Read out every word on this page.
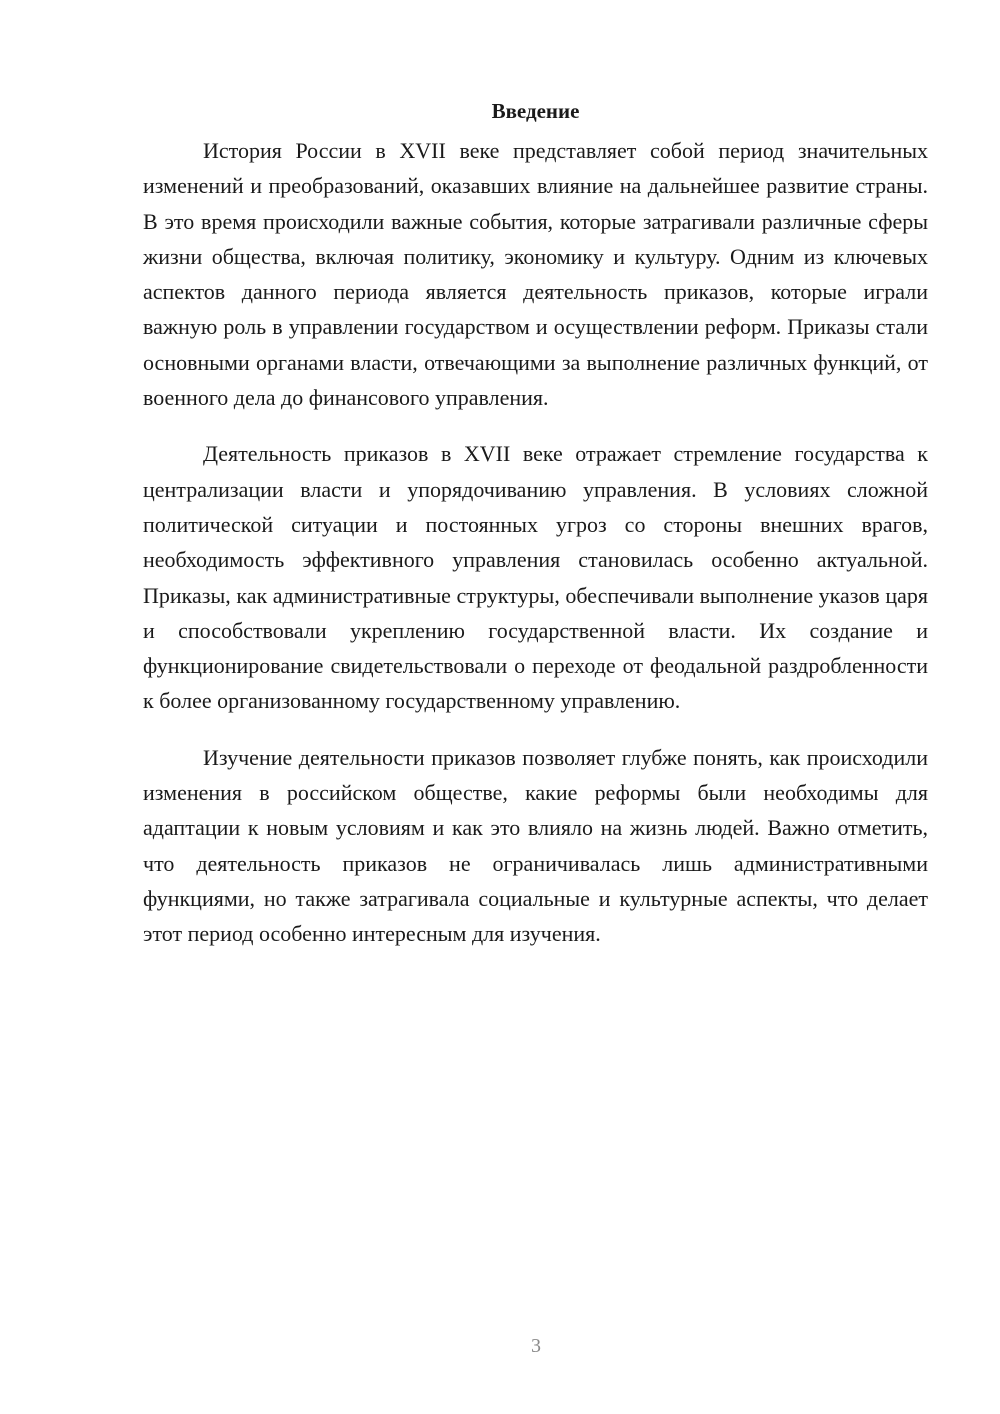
Введение

История России в XVII веке представляет собой период значительных изменений и преобразований, оказавших влияние на дальнейшее развитие страны. В это время происходили важные события, которые затрагивали различные сферы жизни общества, включая политику, экономику и культуру. Одним из ключевых аспектов данного периода является деятельность приказов, которые играли важную роль в управлении государством и осуществлении реформ. Приказы стали основными органами власти, отвечающими за выполнение различных функций, от военного дела до финансового управления.

Деятельность приказов в XVII веке отражает стремление государства к централизации власти и упорядочиванию управления. В условиях сложной политической ситуации и постоянных угроз со стороны внешних врагов, необходимость эффективного управления становилась особенно актуальной. Приказы, как административные структуры, обеспечивали выполнение указов царя и способствовали укреплению государственной власти. Их создание и функционирование свидетельствовали о переходе от феодальной раздробленности к более организованному государственному управлению.

Изучение деятельности приказов позволяет глубже понять, как происходили изменения в российском обществе, какие реформы были необходимы для адаптации к новым условиям и как это влияло на жизнь людей. Важно отметить, что деятельность приказов не ограничивалась лишь административными функциями, но также затрагивала социальные и культурные аспекты, что делает этот период особенно интересным для изучения.

3
